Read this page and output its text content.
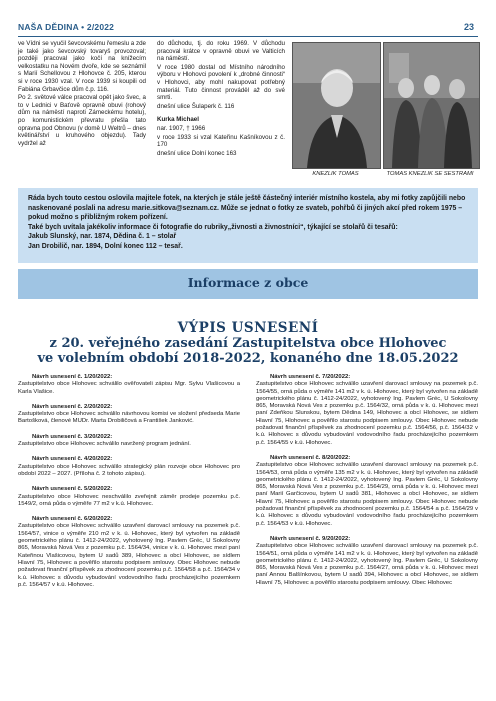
NAŠA DĚDINA • 2/2022	23

ve Vídni se vyučil ševcovskému řemeslu a zde je také jako ševcovský tovaryš provozoval; později pracoval jako kočí na knížecím velkostatku na Novém dvoře, kde se seznámil s Marií Schellovou z Hlohovce č. 205, kterou si v roce 1930 vzal. V roce 1939 si koupili od Fabiána Grbavčice dům č.p. 116.

Po 2. světové válce pracoval opět jako švec, a to v Lednici v Baťově opravně obuvi (rohový dům na náměstí naproti Zámeckému hotelu), po komunistickém převratu přešla tato opravna pod Obnovu (v domě U Weltrů – dnes květinářství u kruhového objezdu). Tady vydržel až

do důchodu, tj. do roku 1969. V důchodu pracoval krátce v opravně obuvi ve Valticích na náměstí.

V roce 1980 dostal od Místního národního výboru v Hlohovci povolení k „drobné činnosti“ v Hlohovci, aby mohl nakupovat potřebný materiál. Tuto činnost prováděl až do své smrti.

dnešní ulice Šulaperk č. 116

Kurka Michael

nar. 1907, † 1966

v roce 1933 si vzal Kateřinu Kašníkovou z č. 170

dnešní ulice Dolní konec 163

KNEZLIK TOMAS	TOMAS KNEZLIK SE SESTRAMI
Ráda bych touto cestou oslovila majitele fotek, na kterých je stále ještě částečný interiér místního kostela, aby mi fotky zapůjčili nebo naskenované poslali na adresu marie.sitkova@seznam.cz. Může se jednat o fotky ze svateb, pohřbů či jiných akcí před rokem 1975 – pokud možno s přibližným rokem pořízení.
Také bych uvítala jakékoliv informace či fotografie do rubriky„živnosti a živnostníci“, týkající se stolařů či tesařů:
Jakub Slunský, nar. 1874, Dědina č. 1 – stolař
Jan Drobilič, nar. 1894, Dolní konec 112 – tesař.
Informace z obce
VÝPIS USNESENÍ
z 20. veřejného zasedání Zastupitelstva obce Hlohovec
ve volebním období 2018-2022, konaného dne 18.05.2022
Návrh usnesení č. 1/20/2022:
Zastupitelstvo obce Hlohovec schválilo ověřovateli zápisu Mgr. Sylvu Vlašicovou a Karla Vlašice.
Návrh usnesení č. 2/20/2022:
Zastupitelstvo obce Hlohovec schválilo návrhovou komisi ve složení předseda Marie Bartošková, členové MUDr. Marta Drobiličová a František Janković.
Návrh usnesení č. 3/20/2022:
Zastupitelstvo obce Hlohovec schválilo navržený program jednání.
Návrh usnesení č. 4/20/2022:
Zastupitelstvo obce Hlohovec schválilo strategický plán rozvoje obce Hlohovec pro období 2022 – 2027. (Příloha č. 2 tohoto zápisu).
Návrh usnesení č. 5/20/2022:
Zastupitelstvo obce Hlohovec neschválilo zveřejnit záměr prodeje pozemku p.č. 1549/2, orná půda o výměře 77 m2 v k.ú. Hlohovec.
Návrh usnesení č. 6/20/2022:
Zastupitelstvo obce Hlohovec schválilo uzavření darovací smlouvy na pozemek p.č. 1564/57, vinice o výměře 210 m2 v k. ú. Hlohovec, který byl vytvořen na základě geometrického plánu č. 1412-24/2022, vyhotovený Ing. Pavlem Gréc, U Sokolovny 865, Moravská Nová Ves z pozemku p.č. 1564/34, vinice v k. ú. Hlohovec mezi paní Kateřinou Vlašicovou, bytem U sadů 389, Hlohovec a obcí Hlohovec, se sídlem Hlavní 75, Hlohovec a pověřilo starostu podpisem smlouvy. Obec Hlohovec nebude požadovat finanční příspěvek za zhodnocení pozemku p.č. 1564/58 a p.č. 1564/34 v k.ú. Hlohovec s důvodu vybudování vodovodního řadu procházejícího pozemkem p.č. 1564/57 v k.ú. Hlohovec.
Návrh usnesení č. 7/20/2022:
Zastupitelstvo obce Hlohovec schválilo uzavření darovací smlouvy na pozemek p.č. 1564/55, orná půda o výměře 141 m2 v k. ú. Hlohovec, který byl vytvořen na základě geometrického plánu č. 1412-24/2022, vyhotovený Ing. Pavlem Gréc, U Sokolovny 865, Moravská Nová Ves z pozemku p.č. 1564/32, orná půda v k. ú. Hlohovec mezi paní Zdeňkou Slunskou, bytem Dědina 149, Hlohovec a obcí Hlohovec, se sídlem Hlavní 75, Hlohovec a pověřilo starostu podpisem smlouvy. Obec Hlohovec nebude požadovat finanční příspěvek za zhodnocení pozemku p.č. 1564/56, p.č. 1564/32 v k.ú. Hlohovec s důvodu vybudování vodovodního řadu procházejícího pozemkem p.č. 1564/55 v k.ú. Hlohovec.
Návrh usnesení č. 8/20/2022:
Zastupitelstvo obce Hlohovec schválilo uzavření darovací smlouvy na pozemek p.č. 1564/53, orná půda o výměře 135 m2 v k. ú. Hlohovec, který byl vytvořen na základě geometrického plánu č. 1412-24/2022, vyhotovený Ing. Pavlem Gréc, U Sokolovny 865, Moravská Nová Ves z pozemku p.č. 1564/29, orná půda v k. ú. Hlohovec mezi paní Marií Garčicovou, bytem U sadů 381, Hlohovec a obcí Hlohovec, se sídlem Hlavní 75, Hlohovec a pověřilo starostu podpisem smlouvy. Obec Hlohovec nebude požadovat finanční příspěvek za zhodnocení pozemku p.č. 1564/54 a p.č. 1564/29 v k.ú. Hlohovec s důvodu vybudování vodovodního řadu procházejícího pozemkem p.č. 1564/53 v k.ú. Hlohovec.
Návrh usnesení č. 9/20/2022:
Zastupitelstvo obce Hlohovec schválilo uzavření darovací smlouvy na pozemek p.č. 1564/51, orná půda o výměře 141 m2 v k. ú. Hlohovec, který byl vytvořen na základě geometrického plánu č. 1412-24/2022, vyhotovený Ing. Pavlem Gréc, U Sokolovny 865, Moravská Nová Ves z pozemku p.č. 1564/27, orná půda v k. ú. Hlohovec mezi paní Annou Balšínkovou, bytem U sadů 394, Hlohovec a obcí Hlohovec, se sídlem Hlavní 75, Hlohovec a pověřilo starostu podpisem smlouvy. Obec Hlohovec
